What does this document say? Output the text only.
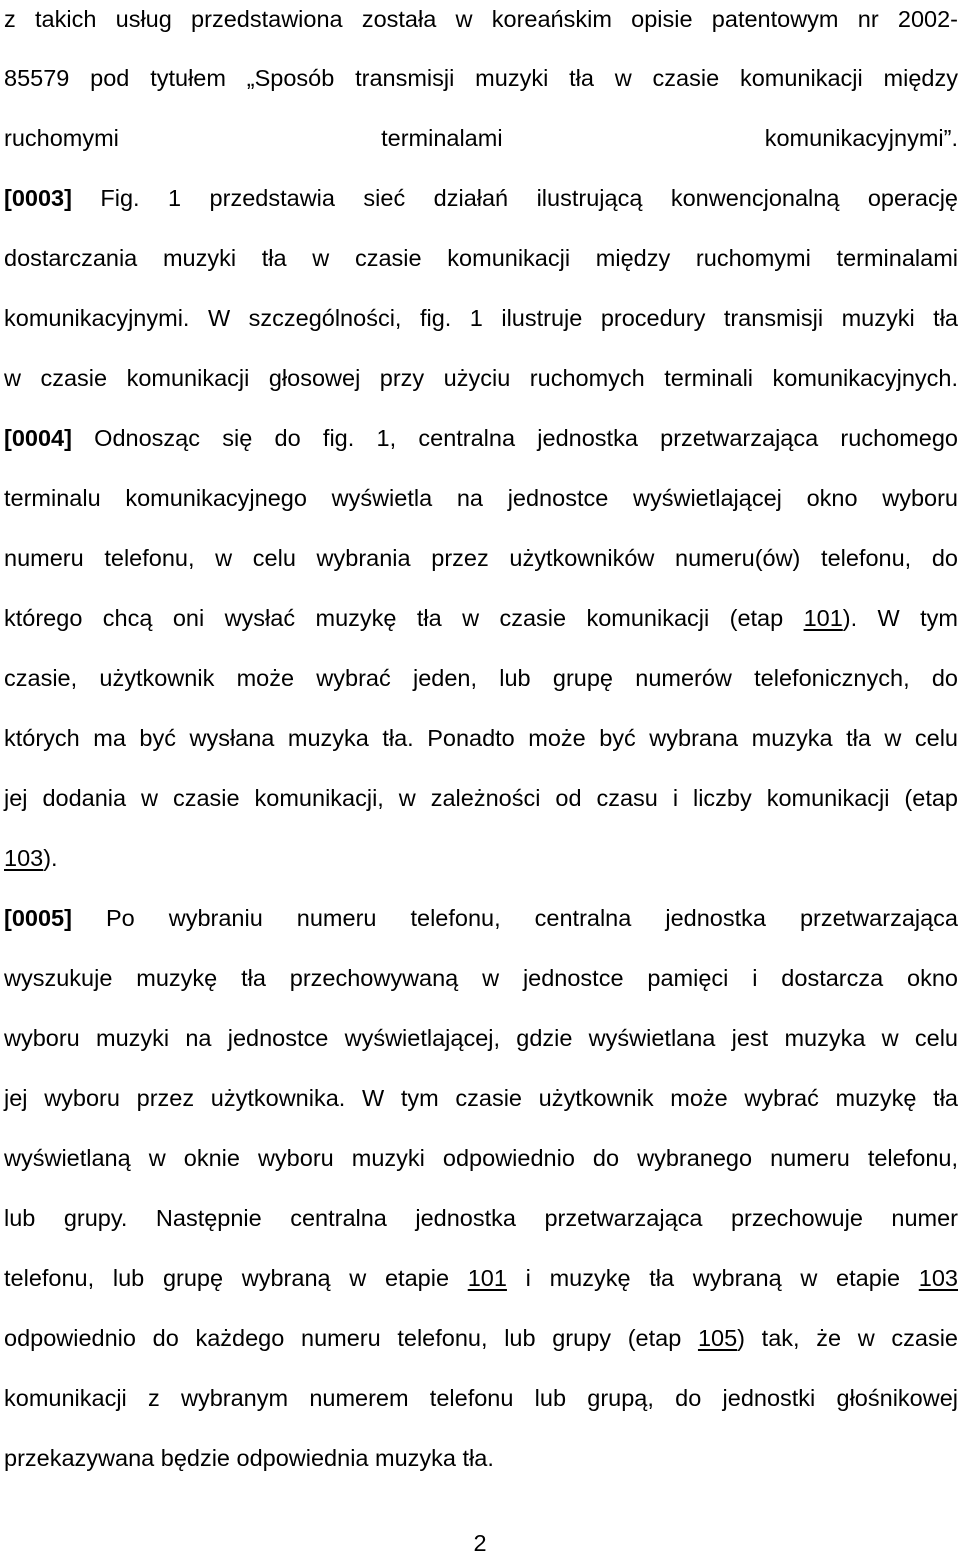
z takich usług przedstawiona została w koreańskim opisie patentowym nr 2002-
85579 pod tytułem „Sposób transmisji muzyki tła w czasie komunikacji między
ruchomymi terminalami komunikacyjnymi”.
[0003] Fig. 1 przedstawia sieć działań ilustrującą konwencjonalną operację
dostarczania muzyki tła w czasie komunikacji między ruchomymi terminalami
komunikacyjnymi. W szczególności, fig. 1 ilustruje procedury transmisji muzyki tła
w czasie komunikacji głosowej przy użyciu ruchomych terminali komunikacyjnych.
[0004] Odnosząc się do fig. 1, centralna jednostka przetwarzająca ruchomego
terminalu komunikacyjnego wyświetla na jednostce wyświetlającej okno wyboru
numeru telefonu, w celu wybrania przez użytkowników numeru(ów) telefonu, do
którego chcą oni wysłać muzykę tła w czasie komunikacji (etap 101). W tym
czasie, użytkownik może wybrać jeden, lub grupę numerów telefonicznych, do
których ma być wysłana muzyka tła. Ponadto może być wybrana muzyka tła w celu
jej dodania w czasie komunikacji, w zależności od czasu i liczby komunikacji (etap
103).
[0005] Po wybraniu numeru telefonu, centralna jednostka przetwarzająca
wyszukuje muzykę tła przechowywaną w jednostce pamięci i dostarcza okno
wyboru muzyki na jednostce wyświetlającej, gdzie wyświetlana jest muzyka w celu
jej wyboru przez użytkownika. W tym czasie użytkownik może wybrać muzykę tła
wyświetlaną w oknie wyboru muzyki odpowiednio do wybranego numeru telefonu,
lub grupy. Następnie centralna jednostka przetwarzająca przechowuje numer
telefonu, lub grupę wybraną w etapie 101 i muzykę tła wybraną w etapie 103
odpowiednio do każdego numeru telefonu, lub grupy (etap 105) tak, że w czasie
komunikacji z wybranym numerem telefonu lub grupą, do jednostki głośnikowej
przekazywana będzie odpowiednia muzyka tła.
2
